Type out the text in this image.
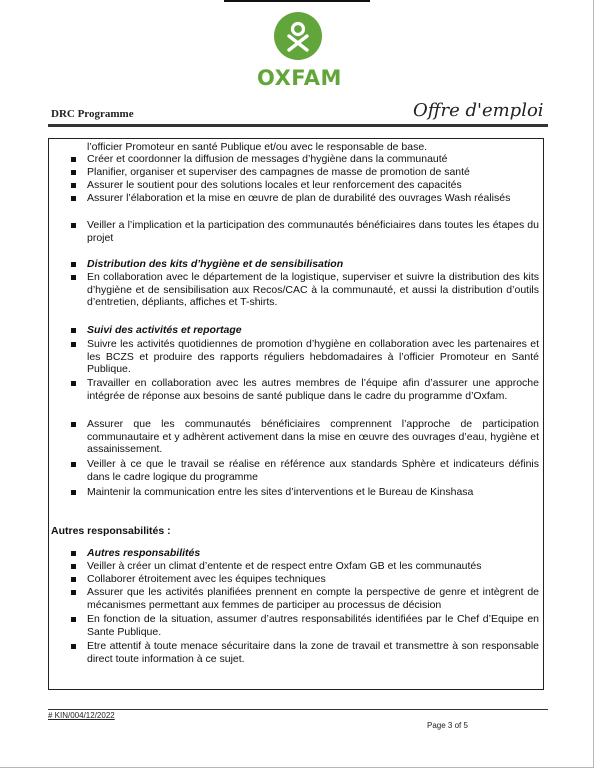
OXFAM
DRC Programme	Offre d'emploi
l’officier Promoteur en santé Publique et/ou avec le responsable de base.
Créer et coordonner la diffusion de messages d’hygiène dans la communauté
Planifier, organiser et superviser des campagnes de masse de promotion de santé
Assurer le soutient pour des solutions locales et leur renforcement des capacités
Assurer l’élaboration et la mise en œuvre de plan de durabilité des ouvrages Wash réalisés
Veiller a l’implication et la participation des communautés bénéficiaires dans toutes les étapes du projet
Distribution des kits d’hygiène et de sensibilisation
En collaboration avec le département de la logistique, superviser et suivre la distribution des kits d’hygiène et de sensibilisation aux Recos/CAC à la communauté, et aussi la distribution d’outils d’entretien, dépliants, affiches et T-shirts.
Suivi des activités et reportage
Suivre les activités quotidiennes de promotion d’hygiène en collaboration avec les partenaires et les BCZS et produire des rapports réguliers hebdomadaires à l’officier Promoteur en Santé Publique.
Travailler en collaboration avec les autres membres de l’équipe afin d’assurer une approche intégrée de réponse aux besoins de santé publique dans le cadre du programme d’Oxfam.
Assurer que les communautés bénéficiaires comprennent l’approche de participation communautaire et y adhèrent activement dans la mise en œuvre des ouvrages d’eau, hygiène et assainissement.
Veiller à ce que le travail se réalise en référence aux standards Sphère et indicateurs définis dans le cadre logique du programme
Maintenir la communication entre les sites d’interventions et le Bureau de Kinshasa
Autres responsabilités :
Autres responsabilités
Veiller à créer un climat d’entente et de respect entre Oxfam GB et les communautés
Collaborer étroitement avec les équipes techniques
Assurer que les activités planifiées prennent en compte la perspective de genre et intègrent de mécanismes permettant aux femmes de participer au processus de décision
En fonction de la situation, assumer d’autres responsabilités identifiées par le Chef d’Equipe en Sante Publique.
Etre attentif à toute menace sécuritaire dans la zone de travail et transmettre à son responsable direct toute information à ce sujet.
# KIN/004/12/2022
Page 3 of 5
